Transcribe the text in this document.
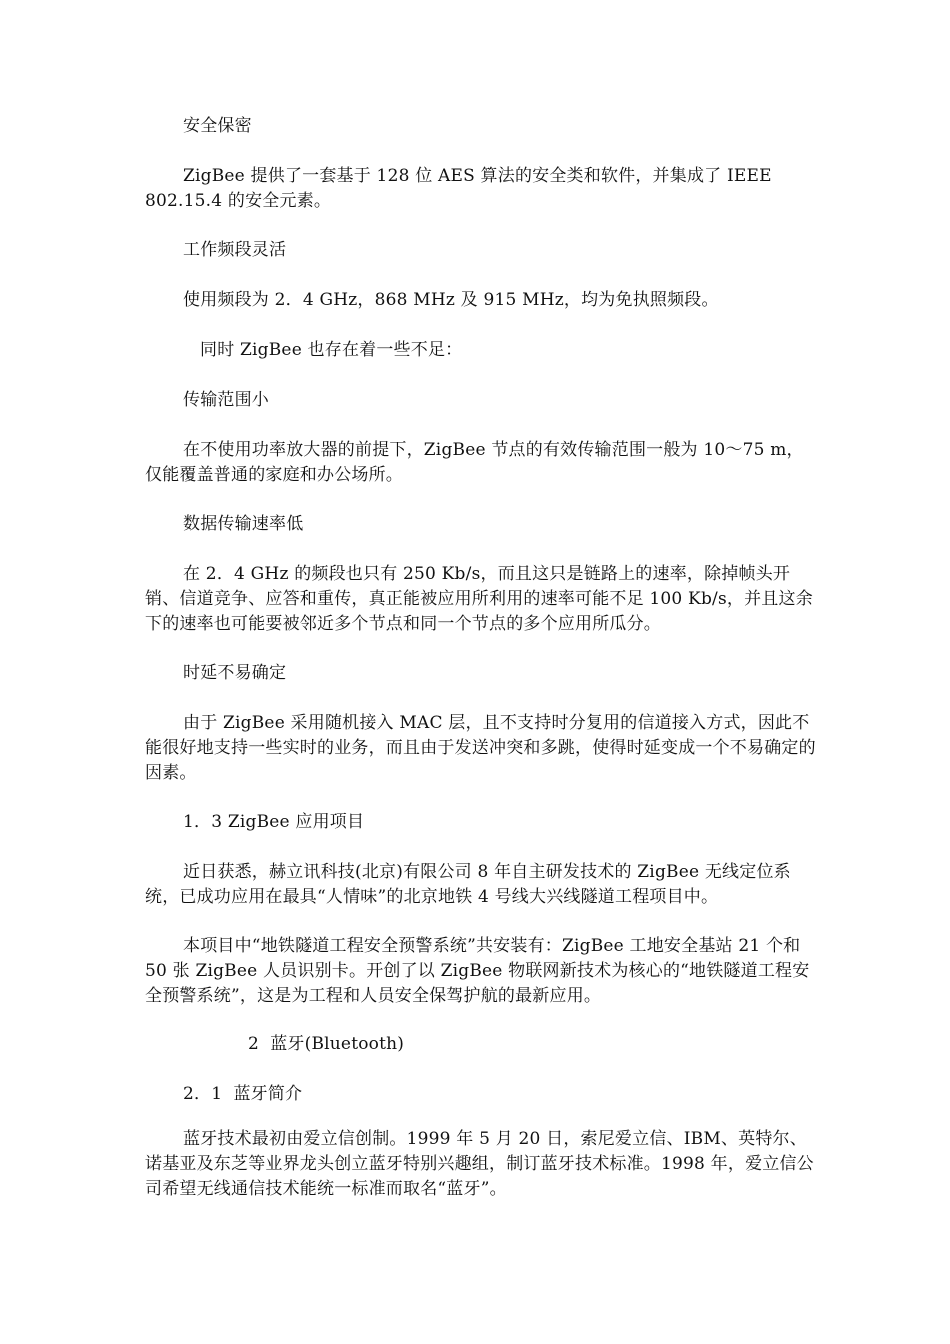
安全保密

ZigBee 提供了一套基于 128 位 AES 算法的安全类和软件，并集成了 IEEE 802.15.4 的安全元素。

工作频段灵活

使用频段为 2．4 GHz，868 MHz 及 915 MHz，均为免执照频段。

同时 ZigBee 也存在着一些不足：

传输范围小

在不使用功率放大器的前提下，ZigBee 节点的有效传输范围一般为 10～75 m，仅能覆盖普通的家庭和办公场所。

数据传输速率低

在 2．4 GHz 的频段也只有 250 Kb/s，而且这只是链路上的速率，除掉帧头开销、信道竞争、应答和重传，真正能被应用所利用的速率可能不足 100 Kb/s，并且这余下的速率也可能要被邻近多个节点和同一个节点的多个应用所瓜分。

时延不易确定

由于 ZigBee 采用随机接入 MAC 层，且不支持时分复用的信道接入方式，因此不能很好地支持一些实时的业务，而且由于发送冲突和多跳，使得时延变成一个不易确定的因素。

1．3 ZigBee 应用项目

近日获悉，赫立讯科技(北京)有限公司 8 年自主研发技术的 ZigBee 无线定位系统，已成功应用在最具“人情味”的北京地铁 4 号线大兴线隧道工程项目中。

本项目中“地铁隧道工程安全预警系统”共安装有：ZigBee 工地安全基站 21 个和 50 张 ZigBee 人员识别卡。开创了以 ZigBee 物联网新技术为核心的“地铁隧道工程安全预警系统”，这是为工程和人员安全保驾护航的最新应用。

2  蓝牙(Bluetooth)

2．1  蓝牙简介

蓝牙技术最初由爱立信创制。1999 年 5 月 20 日，索尼爱立信、IBM、英特尔、诺基亚及东芝等业界龙头创立蓝牙特别兴趣组，制订蓝牙技术标准。1998 年，爱立信公司希望无线通信技术能统一标准而取名“蓝牙”。
